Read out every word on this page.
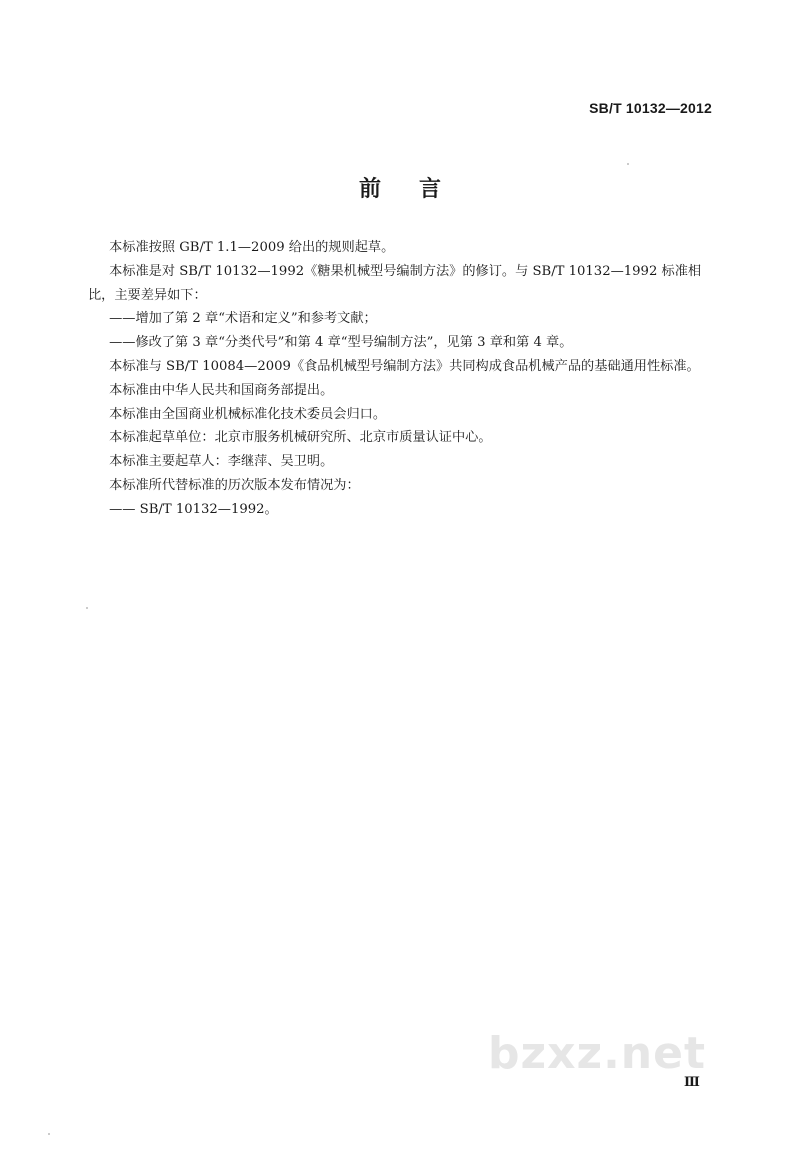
SB/T 10132—2012
前言

本标准按照 GB/T 1.1—2009 给出的规则起草。

本标准是对 SB/T 10132—1992《糖果机械型号编制方法》的修订。与 SB/T 10132—1992 标准相

比，主要差异如下：

——增加了第 2 章“术语和定义”和参考文献；

——修改了第 3 章“分类代号”和第 4 章“型号编制方法”，见第 3 章和第 4 章。

本标准与 SB/T 10084—2009《食品机械型号编制方法》共同构成食品机械产品的基础通用性标准。

本标准由中华人民共和国商务部提出。

本标准由全国商业机械标准化技术委员会归口。

本标准起草单位：北京市服务机械研究所、北京市质量认证中心。

本标准主要起草人：李继萍、吴卫明。

本标准所代替标准的历次版本发布情况为：

—— SB/T 10132—1992。

bzxz.net
Ⅲ
